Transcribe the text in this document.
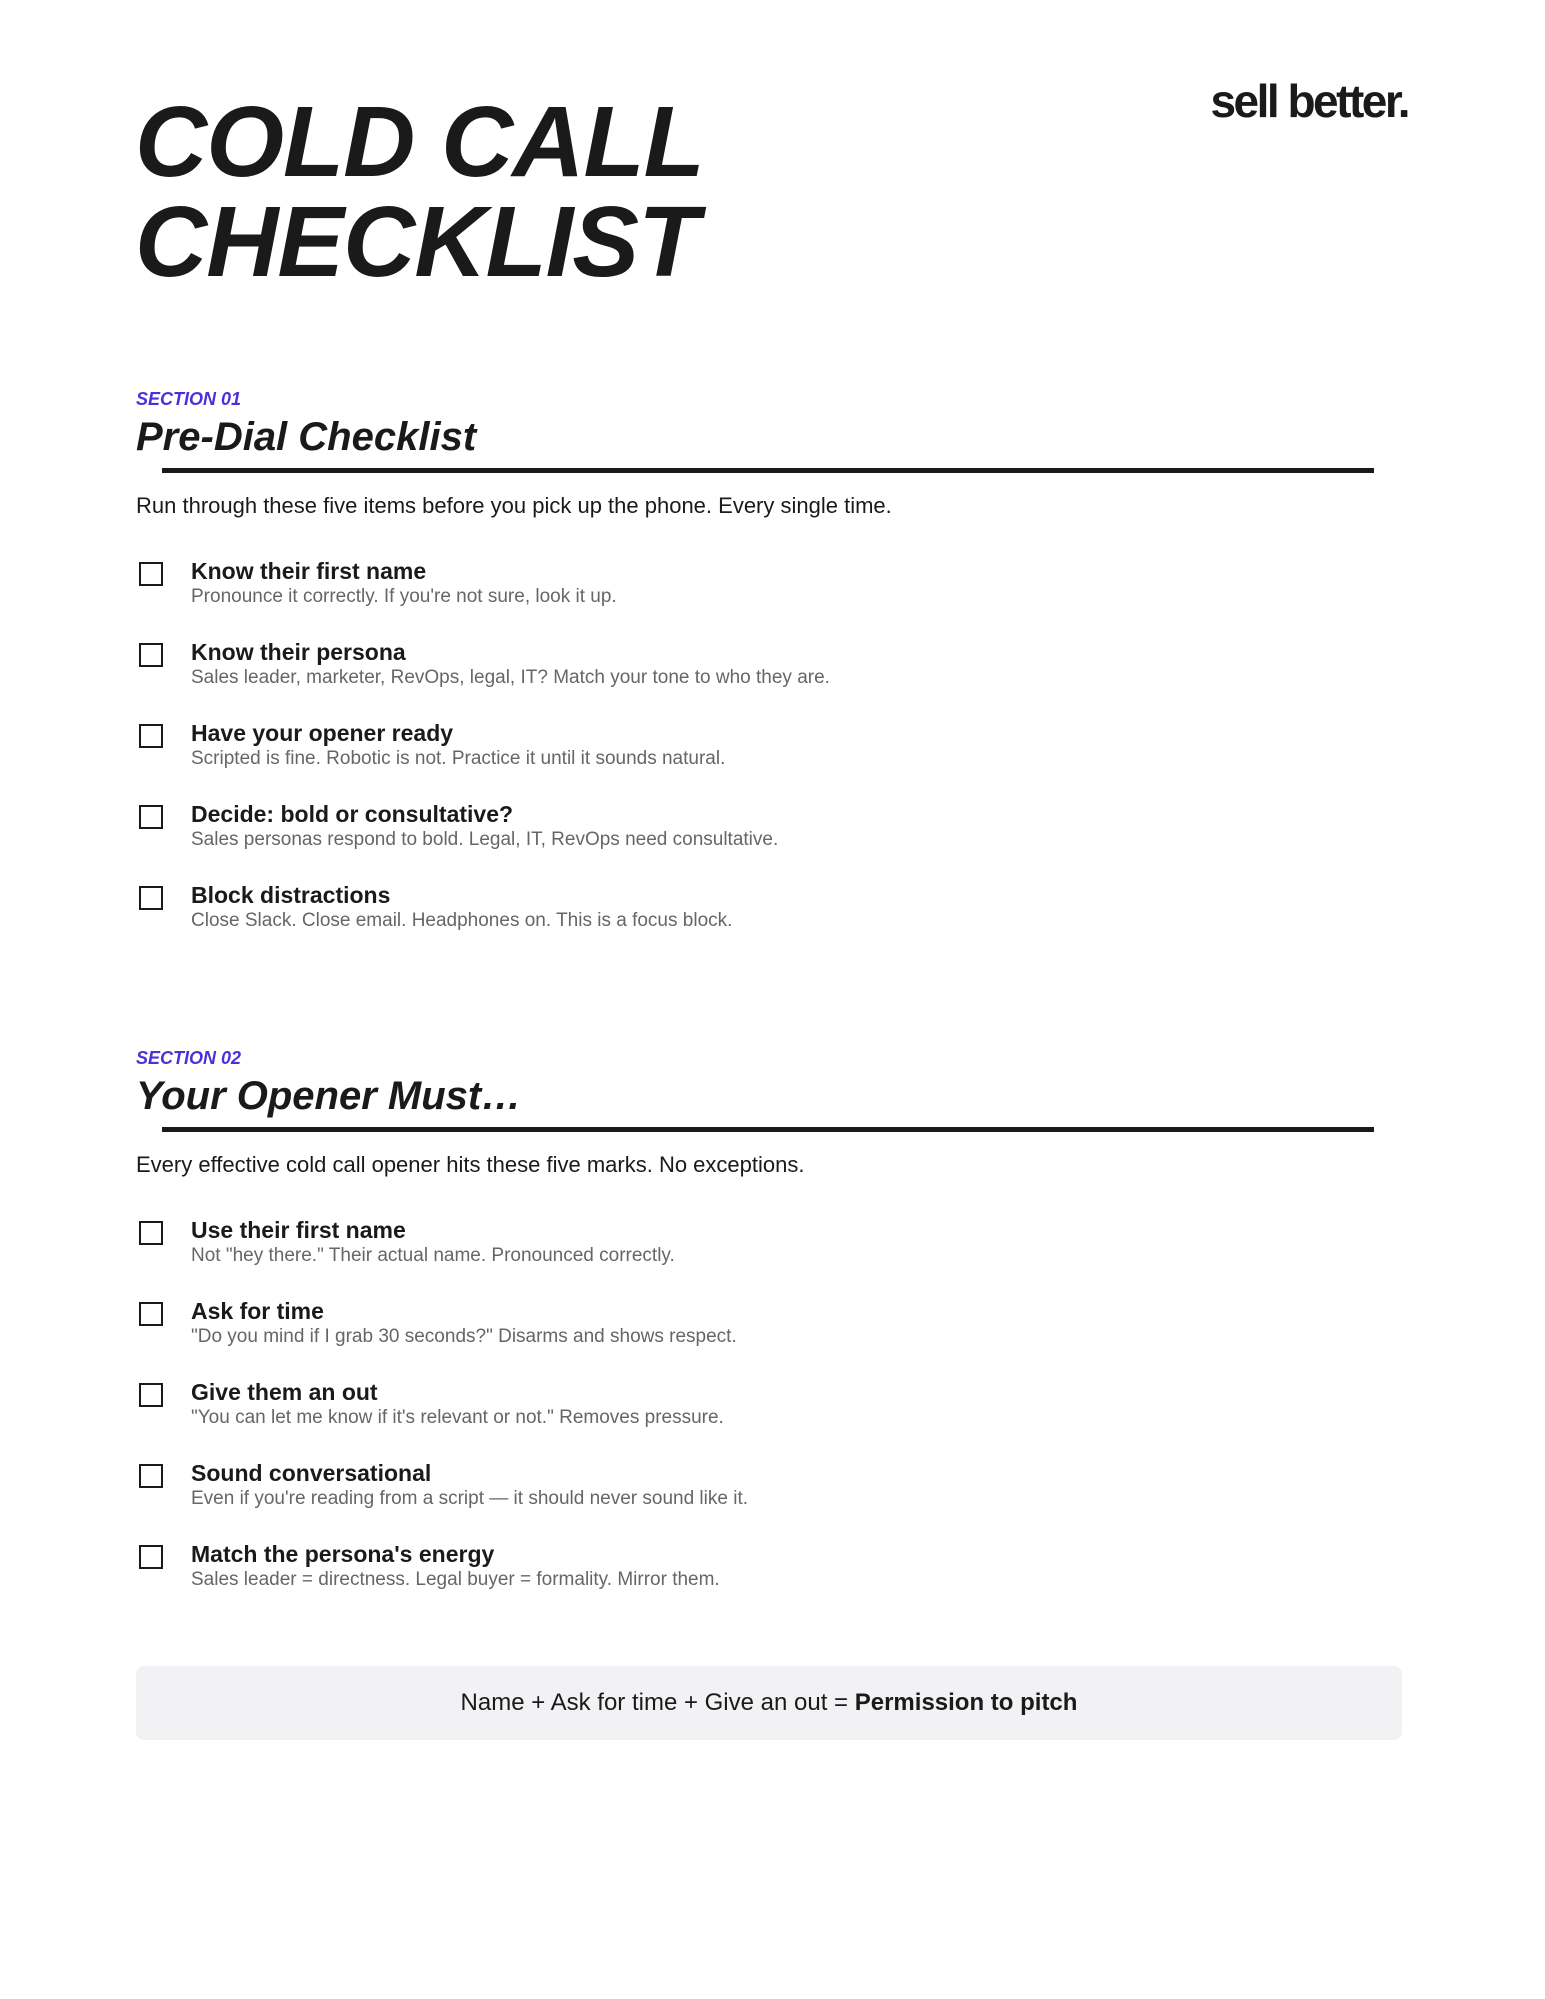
sell better.
COLD CALL
CHECKLIST
SECTION 01
Pre-Dial Checklist
Run through these five items before you pick up the phone. Every single time.
Know their first name
Pronounce it correctly. If you're not sure, look it up.
Know their persona
Sales leader, marketer, RevOps, legal, IT? Match your tone to who they are.
Have your opener ready
Scripted is fine. Robotic is not. Practice it until it sounds natural.
Decide: bold or consultative?
Sales personas respond to bold. Legal, IT, RevOps need consultative.
Block distractions
Close Slack. Close email. Headphones on. This is a focus block.
SECTION 02
Your Opener Must…
Every effective cold call opener hits these five marks. No exceptions.
Use their first name
Not "hey there." Their actual name. Pronounced correctly.
Ask for time
"Do you mind if I grab 30 seconds?" Disarms and shows respect.
Give them an out
"You can let me know if it's relevant or not." Removes pressure.
Sound conversational
Even if you're reading from a script — it should never sound like it.
Match the persona's energy
Sales leader = directness. Legal buyer = formality. Mirror them.
Name + Ask for time + Give an out = Permission to pitch
